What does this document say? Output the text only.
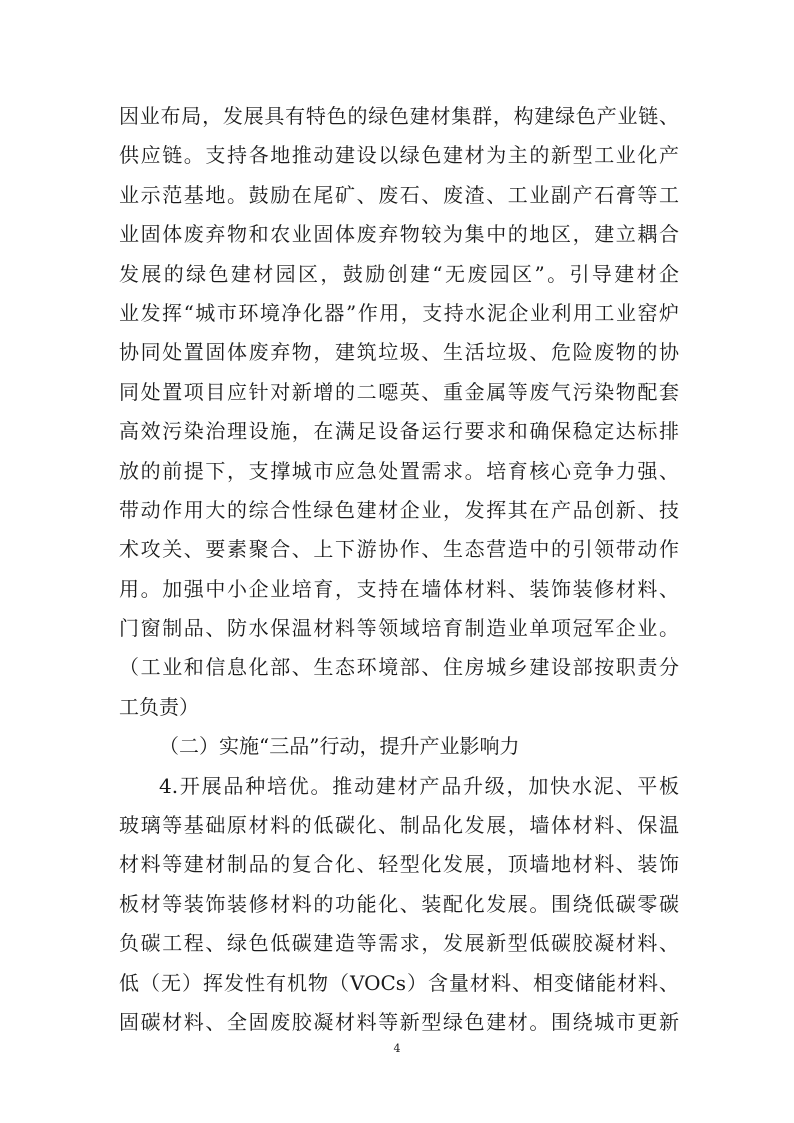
因业布局，发展具有特色的绿色建材集群，构建绿色产业链、
供应链。支持各地推动建设以绿色建材为主的新型工业化产
业示范基地。鼓励在尾矿、废石、废渣、工业副产石膏等工
业固体废弃物和农业固体废弃物较为集中的地区，建立耦合
发展的绿色建材园区，鼓励创建“无废园区”。引导建材企
业发挥“城市环境净化器”作用，支持水泥企业利用工业窑炉
协同处置固体废弃物，建筑垃圾、生活垃圾、危险废物的协
同处置项目应针对新增的二噁英、重金属等废气污染物配套
高效污染治理设施，在满足设备运行要求和确保稳定达标排
放的前提下，支撑城市应急处置需求。培育核心竞争力强、
带动作用大的综合性绿色建材企业，发挥其在产品创新、技
术攻关、要素聚合、上下游协作、生态营造中的引领带动作
用。加强中小企业培育，支持在墙体材料、装饰装修材料、
门窗制品、防水保温材料等领域培育制造业单项冠军企业。
（工业和信息化部、生态环境部、住房城乡建设部按职责分
工负责）
（二）实施“三品”行动，提升产业影响力
4.开展品种培优。推动建材产品升级，加快水泥、平板
玻璃等基础原材料的低碳化、制品化发展，墙体材料、保温
材料等建材制品的复合化、轻型化发展，顶墙地材料、装饰
板材等装饰装修材料的功能化、装配化发展。围绕低碳零碳
负碳工程、绿色低碳建造等需求，发展新型低碳胶凝材料、
低（无）挥发性有机物（VOCs）含量材料、相变储能材料、
固碳材料、全固废胶凝材料等新型绿色建材。围绕城市更新
4
